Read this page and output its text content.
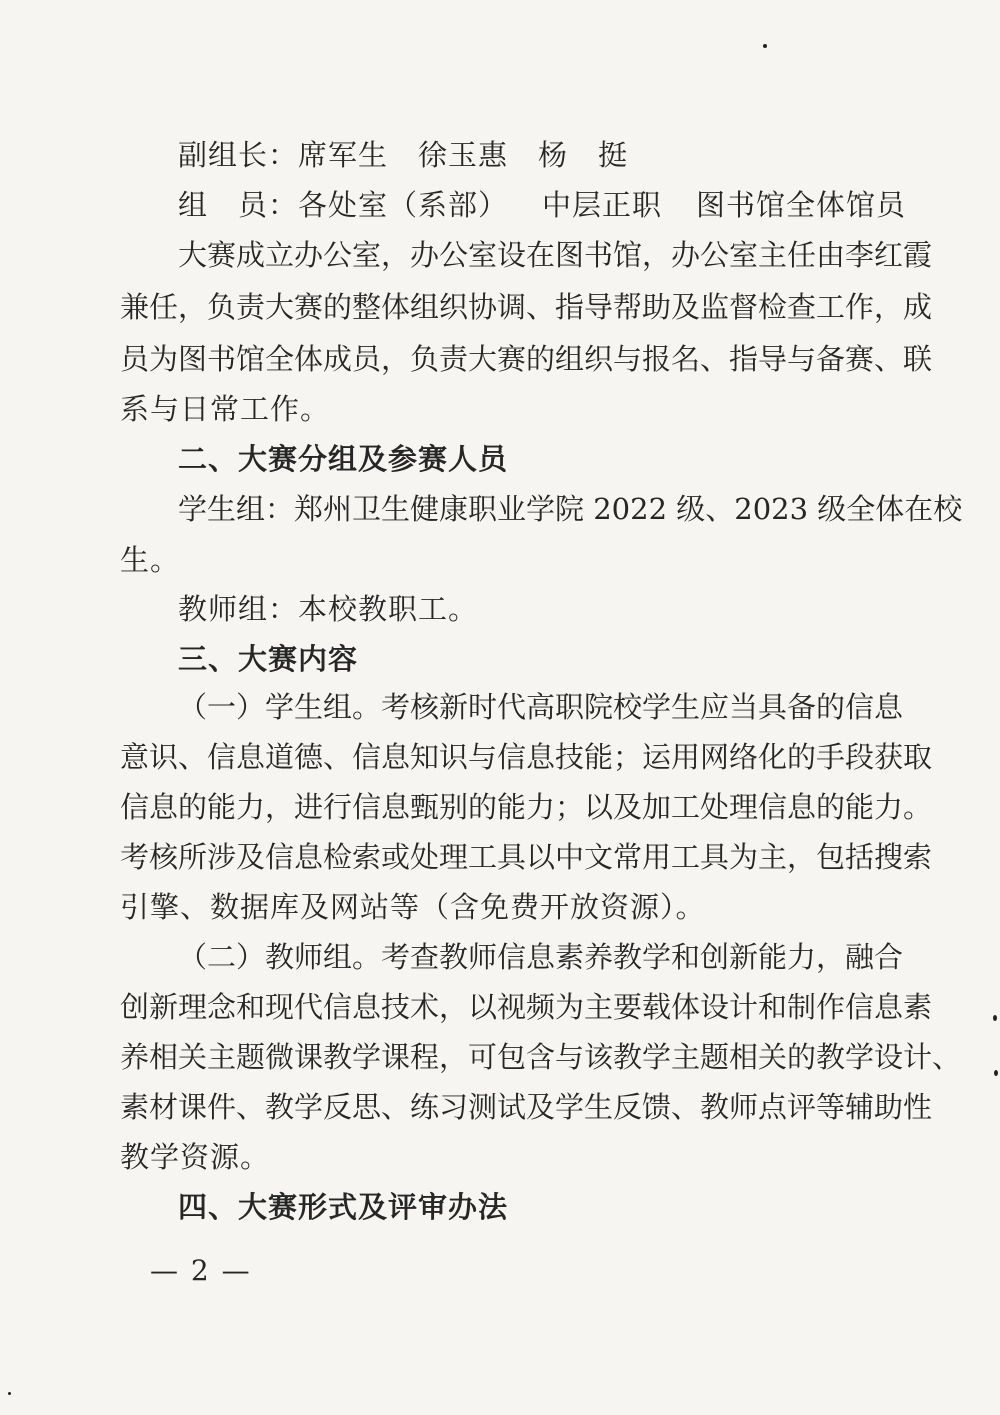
副组长： 席军生 徐玉惠 杨　挺
组　员： 各处室（系部） 中层正职 图书馆全体馆员
大赛成立办公室，办公室设在图书馆，办公室主任由李红霞
兼任，负责大赛的整体组织协调、指导帮助及监督检查工作，成
员为图书馆全体成员，负责大赛的组织与报名、指导与备赛、联
系与日常工作。
二、大赛分组及参赛人员
学生组：郑州卫生健康职业学院 2022 级、2023 级全体在校
生。
教师组：本校教职工。
三、大赛内容
（一）学生组。考核新时代高职院校学生应当具备的信息
意识、信息道德、信息知识与信息技能；运用网络化的手段获取
信息的能力，进行信息甄别的能力；以及加工处理信息的能力。
考核所涉及信息检索或处理工具以中文常用工具为主，包括搜索
引擎、数据库及网站等（含免费开放资源）。
（二）教师组。考查教师信息素养教学和创新能力，融合
创新理念和现代信息技术，以视频为主要载体设计和制作信息素
养相关主题微课教学课程，可包含与该教学主题相关的教学设计、
素材课件、教学反思、练习测试及学生反馈、教师点评等辅助性
教学资源。
四、大赛形式及评审办法
— 2 —
